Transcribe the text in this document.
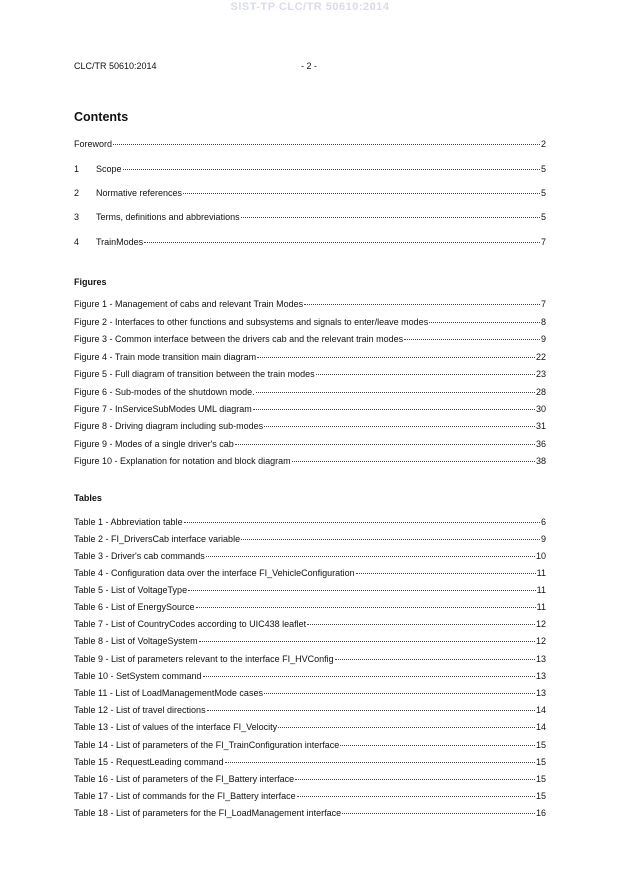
SIST-TP CLC/TR 50610:2014
CLC/TR 50610:2014	- 2 -
Contents
Foreword	2
1	Scope	5
2	Normative references	5
3	Terms, definitions and abbreviations	5
4	TrainModes	7
Figures
Figure 1 - Management of cabs and relevant Train Modes	7
Figure 2 - Interfaces to other functions and subsystems and signals to enter/leave modes	8
Figure 3 - Common interface between the drivers cab and the relevant train modes	9
Figure 4 - Train mode transition main diagram	22
Figure 5 - Full diagram of transition between the train modes	23
Figure 6 - Sub-modes of the shutdown mode.	28
Figure 7 - InServiceSubModes UML diagram	30
Figure 8 - Driving diagram including sub-modes	31
Figure 9 - Modes of a single driver's cab	36
Figure 10 - Explanation for notation and block diagram	38
Tables
Table 1 - Abbreviation table	6
Table 2 - FI_DriversCab interface variable	9
Table 3 - Driver's cab commands	10
Table 4 - Configuration data over the interface FI_VehicleConfiguration	11
Table 5 - List of VoltageType	11
Table 6 - List of EnergySource	11
Table 7 - List of CountryCodes according to UIC438 leaflet	12
Table 8 - List of VoltageSystem	12
Table 9 - List of parameters relevant to the interface FI_HVConfig	13
Table 10 - SetSystem command	13
Table 11 - List of LoadManagementMode cases	13
Table 12 - List of travel directions	14
Table 13 - List of values of the interface FI_Velocity	14
Table 14 - List of parameters of the FI_TrainConfiguration interface	15
Table 15 - RequestLeading command	15
Table 16 - List of parameters of the FI_Battery interface	15
Table 17 - List of commands for the FI_Battery interface	15
Table 18 - List of parameters for the FI_LoadManagement interface	16
